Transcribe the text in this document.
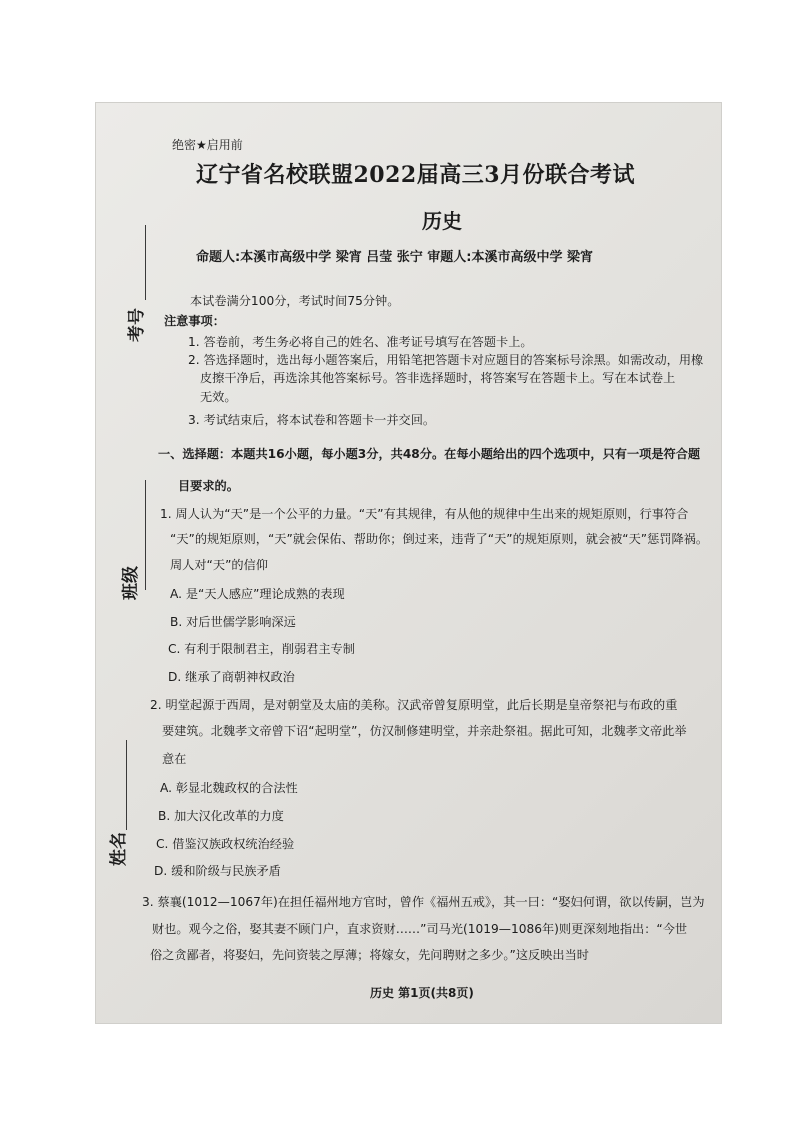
考号
班级
姓名
绝密★启用前
辽宁省名校联盟2022届高三3月份联合考试
历史
命题人:本溪市高级中学 梁宵 吕莹 张宁 审题人:本溪市高级中学 梁宵
本试卷满分100分，考试时间75分钟。
注意事项：
1. 答卷前，考生务必将自己的姓名、准考证号填写在答题卡上。
2. 答选择题时，选出每小题答案后，用铅笔把答题卡对应题目的答案标号涂黑。如需改动，用橡
皮擦干净后，再选涂其他答案标号。答非选择题时，将答案写在答题卡上。写在本试卷上
无效。
3. 考试结束后，将本试卷和答题卡一并交回。
一、选择题：本题共16小题，每小题3分，共48分。在每小题给出的四个选项中，只有一项是符合题
目要求的。
1. 周人认为“天”是一个公平的力量。“天”有其规律，有从他的规律中生出来的规矩原则，行事符合
“天”的规矩原则，“天”就会保佑、帮助你；倒过来，违背了“天”的规矩原则，就会被“天”惩罚降祸。
周人对“天”的信仰
A. 是“天人感应”理论成熟的表现
B. 对后世儒学影响深远
C. 有利于限制君主，削弱君主专制
D. 继承了商朝神权政治
2. 明堂起源于西周，是对朝堂及太庙的美称。汉武帝曾复原明堂，此后长期是皇帝祭祀与布政的重
要建筑。北魏孝文帝曾下诏“起明堂”，仿汉制修建明堂，并亲赴祭祖。据此可知，北魏孝文帝此举
意在
A. 彰显北魏政权的合法性
B. 加大汉化改革的力度
C. 借鉴汉族政权统治经验
D. 缓和阶级与民族矛盾
3. 蔡襄(1012—1067年)在担任福州地方官时，曾作《福州五戒》，其一曰：“娶妇何谓，欲以传嗣，岂为
财也。观今之俗，娶其妻不顾门户，直求资财……”司马光(1019—1086年)则更深刻地指出：“今世
俗之贪鄙者，将娶妇，先问资装之厚薄；将嫁女，先问聘财之多少。”这反映出当时
历史 第1页(共8页)
